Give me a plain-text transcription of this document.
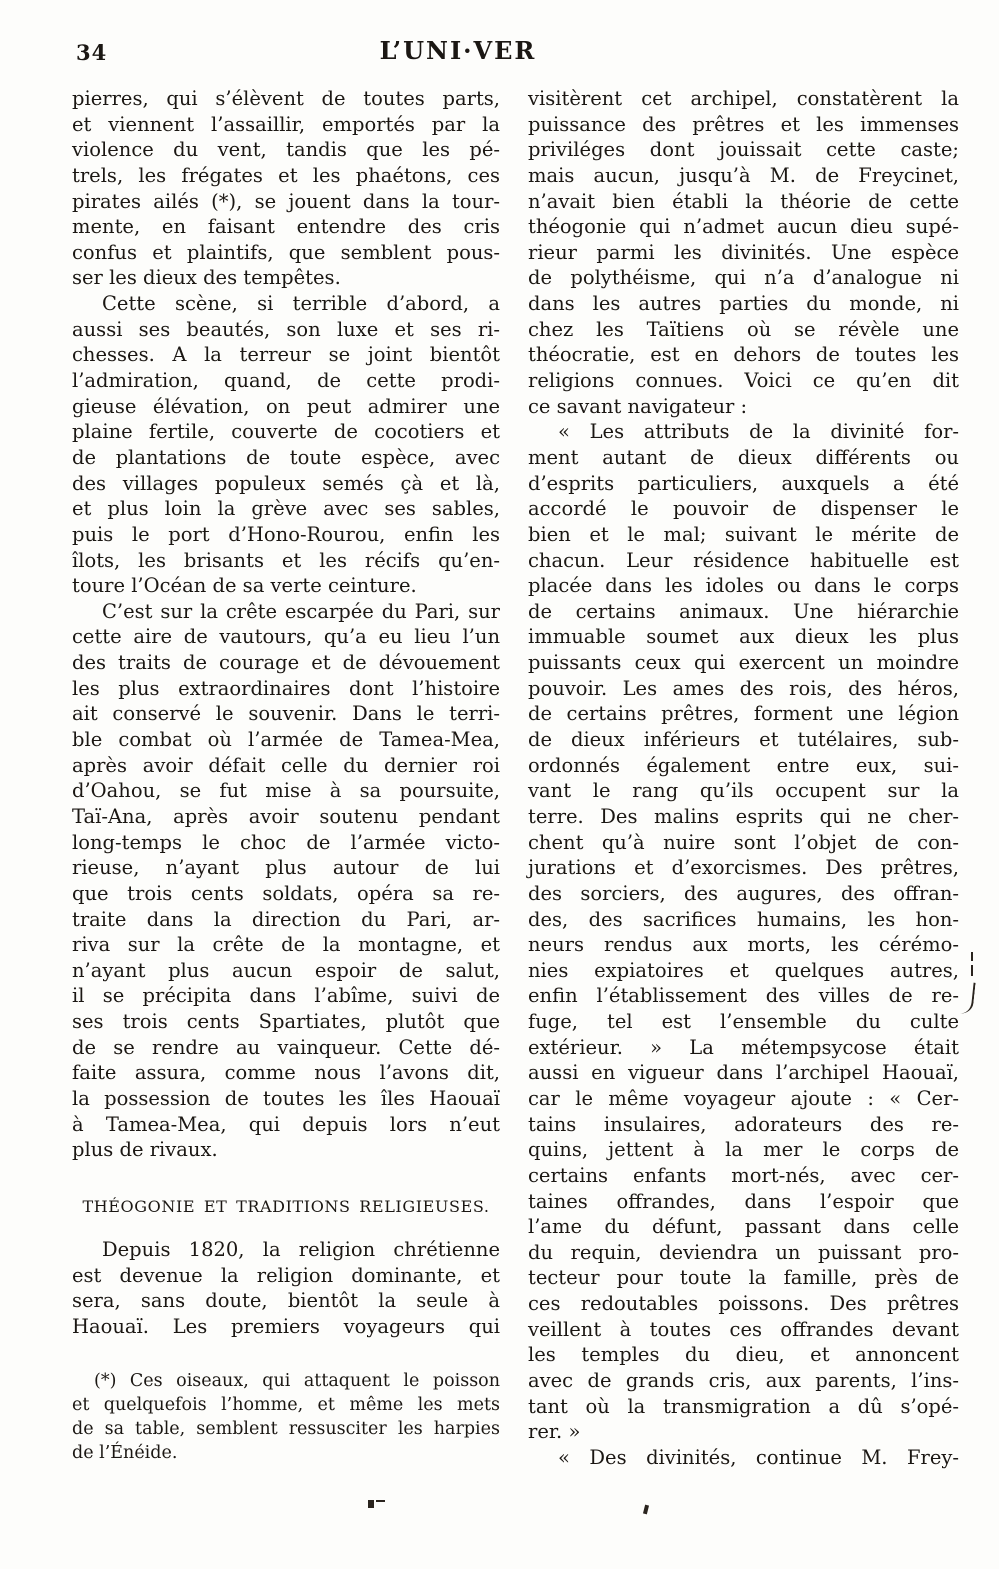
34	L’UNI·VER
pierres, qui s’élèvent de toutes parts,
et viennent l’assaillir, emportés par la
violence du vent, tandis que les pé-
trels, les frégates et les phaétons, ces
pirates ailés (*), se jouent dans la tour-
mente, en faisant entendre des cris
confus et plaintifs, que semblent pous-
ser les dieux des tempêtes.
Cette scène, si terrible d’abord, a
aussi ses beautés, son luxe et ses ri-
chesses. A la terreur se joint bientôt
l’admiration, quand, de cette prodi-
gieuse élévation, on peut admirer une
plaine fertile, couverte de cocotiers et
de plantations de toute espèce, avec
des villages populeux semés çà et là,
et plus loin la grève avec ses sables,
puis le port d’Hono-Rourou, enfin les
îlots, les brisants et les récifs qu’en-
toure l’Océan de sa verte ceinture.
C’est sur la crête escarpée du Pari, sur
cette aire de vautours, qu’a eu lieu l’un
des traits de courage et de dévouement
les plus extraordinaires dont l’histoire
ait conservé le souvenir. Dans le terri-
ble combat où l’armée de Tamea-Mea,
après avoir défait celle du dernier roi
d’Oahou, se fut mise à sa poursuite,
Taï-Ana, après avoir soutenu pendant
long-temps le choc de l’armée victo-
rieuse, n’ayant plus autour de lui
que trois cents soldats, opéra sa re-
traite dans la direction du Pari, ar-
riva sur la crête de la montagne, et
n’ayant plus aucun espoir de salut,
il se précipita dans l’abîme, suivi de
ses trois cents Spartiates, plutôt que
de se rendre au vainqueur. Cette dé-
faite assura, comme nous l’avons dit,
la possession de toutes les îles Haouaï
à Tamea-Mea, qui depuis lors n’eut
plus de rivaux.
THÉOGONIE ET TRADITIONS RELIGIEUSES.
Depuis 1820, la religion chrétienne
est devenue la religion dominante, et
sera, sans doute, bientôt la seule à
Haouaï. Les premiers voyageurs qui
(*) Ces oiseaux, qui attaquent le poisson
et quelquefois l’homme, et même les mets
de sa table, semblent ressusciter les harpies
de l’Énéide.
visitèrent cet archipel, constatèrent la
puissance des prêtres et les immenses
priviléges dont jouissait cette caste;
mais aucun, jusqu’à M. de Freycinet,
n’avait bien établi la théorie de cette
théogonie qui n’admet aucun dieu supé-
rieur parmi les divinités. Une espèce
de polythéisme, qui n’a d’analogue ni
dans les autres parties du monde, ni
chez les Taïtiens où se révèle une
théocratie, est en dehors de toutes les
religions connues. Voici ce qu’en dit
ce savant navigateur :
« Les attributs de la divinité for-
ment autant de dieux différents ou
d’esprits particuliers, auxquels a été
accordé le pouvoir de dispenser le
bien et le mal; suivant le mérite de
chacun. Leur résidence habituelle est
placée dans les idoles ou dans le corps
de certains animaux. Une hiérarchie
immuable soumet aux dieux les plus
puissants ceux qui exercent un moindre
pouvoir. Les ames des rois, des héros,
de certains prêtres, forment une légion
de dieux inférieurs et tutélaires, sub-
ordonnés également entre eux, sui-
vant le rang qu’ils occupent sur la
terre. Des malins esprits qui ne cher-
chent qu’à nuire sont l’objet de con-
jurations et d’exorcismes. Des prêtres,
des sorciers, des augures, des offran-
des, des sacrifices humains, les hon-
neurs rendus aux morts, les cérémo-
nies expiatoires et quelques autres,
enfin l’établissement des villes de re-
fuge, tel est l’ensemble du culte
extérieur. » La métempsycose était
aussi en vigueur dans l’archipel Haouaï,
car le même voyageur ajoute : « Cer-
tains insulaires, adorateurs des re-
quins, jettent à la mer le corps de
certains enfants mort-nés, avec cer-
taines offrandes, dans l’espoir que
l’ame du défunt, passant dans celle
du requin, deviendra un puissant pro-
tecteur pour toute la famille, près de
ces redoutables poissons. Des prêtres
veillent à toutes ces offrandes devant
les temples du dieu, et annoncent
avec de grands cris, aux parents, l’ins-
tant où la transmigration a dû s’opé-
rer. »
« Des divinités, continue M. Frey-
